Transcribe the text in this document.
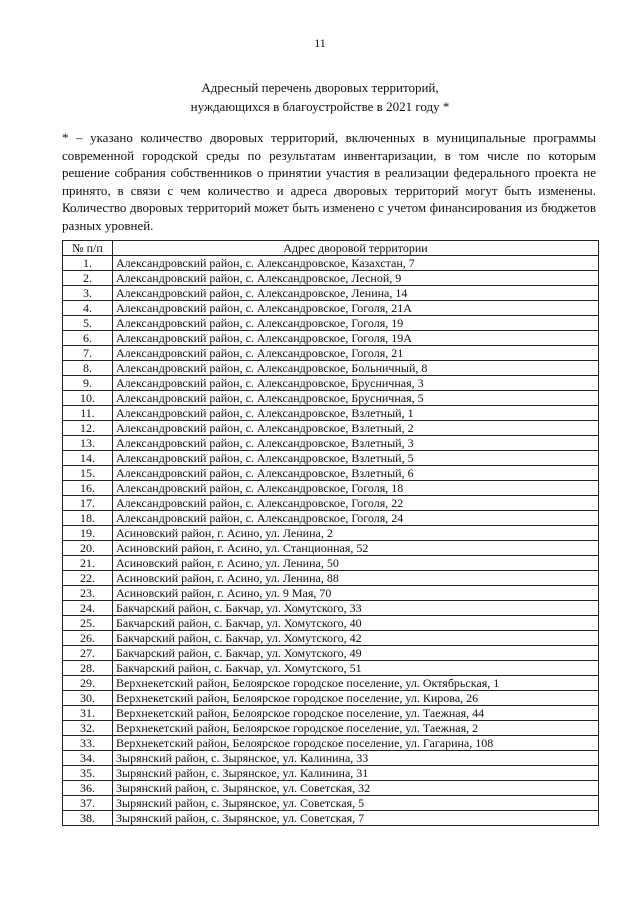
11
Адресный перечень дворовых территорий,
нуждающихся в благоустройстве в 2021 году *

* – указано количество дворовых территорий, включенных в муниципальные программы современной городской среды по результатам инвентаризации, в том числе по которым решение собрания собственников о принятии участия в реализации федерального проекта не принято, в связи с чем количество и адреса дворовых территорий могут быть изменены. Количество дворовых территорий может быть изменено с учетом финансирования из бюджетов разных уровней.

№ п/п	Адрес дворовой территории
1.	Александровский район, с. Александровское, Казахстан, 7
2.	Александровский район, с. Александровское, Лесной, 9
3.	Александровский район, с. Александровское, Ленина, 14
4.	Александровский район, с. Александровское, Гоголя, 21А
5.	Александровский район, с. Александровское, Гоголя, 19
6.	Александровский район, с. Александровское, Гоголя, 19А
7.	Александровский район, с. Александровское, Гоголя, 21
8.	Александровский район, с. Александровское, Больничный, 8
9.	Александровский район, с. Александровское, Брусничная, 3
10.	Александровский район, с. Александровское, Брусничная, 5
11.	Александровский район, с. Александровское, Взлетный, 1
12.	Александровский район, с. Александровское, Взлетный, 2
13.	Александровский район, с. Александровское, Взлетный, 3
14.	Александровский район, с. Александровское, Взлетный, 5
15.	Александровский район, с. Александровское, Взлетный, 6
16.	Александровский район, с. Александровское, Гоголя, 18
17.	Александровский район, с. Александровское, Гоголя, 22
18.	Александровский район, с. Александровское, Гоголя, 24
19.	Асиновский район, г. Асино, ул. Ленина, 2
20.	Асиновский район, г. Асино, ул. Станционная, 52
21.	Асиновский район, г. Асино, ул. Ленина, 50
22.	Асиновский район, г. Асино, ул. Ленина, 88
23.	Асиновский район, г. Асино, ул. 9 Мая, 70
24.	Бакчарский район, с. Бакчар, ул. Хомутского, 33
25.	Бакчарский район, с. Бакчар, ул. Хомутского, 40
26.	Бакчарский район, с. Бакчар, ул. Хомутского, 42
27.	Бакчарский район, с. Бакчар, ул. Хомутского, 49
28.	Бакчарский район, с. Бакчар, ул. Хомутского, 51
29.	Верхнекетский район, Белоярское городское поселение, ул. Октябрьская, 1
30.	Верхнекетский район, Белоярское городское поселение, ул. Кирова, 26
31.	Верхнекетский район, Белоярское городское поселение, ул. Таежная, 44
32.	Верхнекетский район, Белоярское городское поселение, ул. Таежная, 2
33.	Верхнекетский район, Белоярское городское поселение, ул. Гагарина, 108
34.	Зырянский район, с. Зырянское, ул. Калинина, 33
35.	Зырянский район, с. Зырянское, ул. Калинина, 31
36.	Зырянский район, с. Зырянское, ул. Советская, 32
37.	Зырянский район, с. Зырянское, ул. Советская, 5
38.	Зырянский район, с. Зырянское, ул. Советская, 7
